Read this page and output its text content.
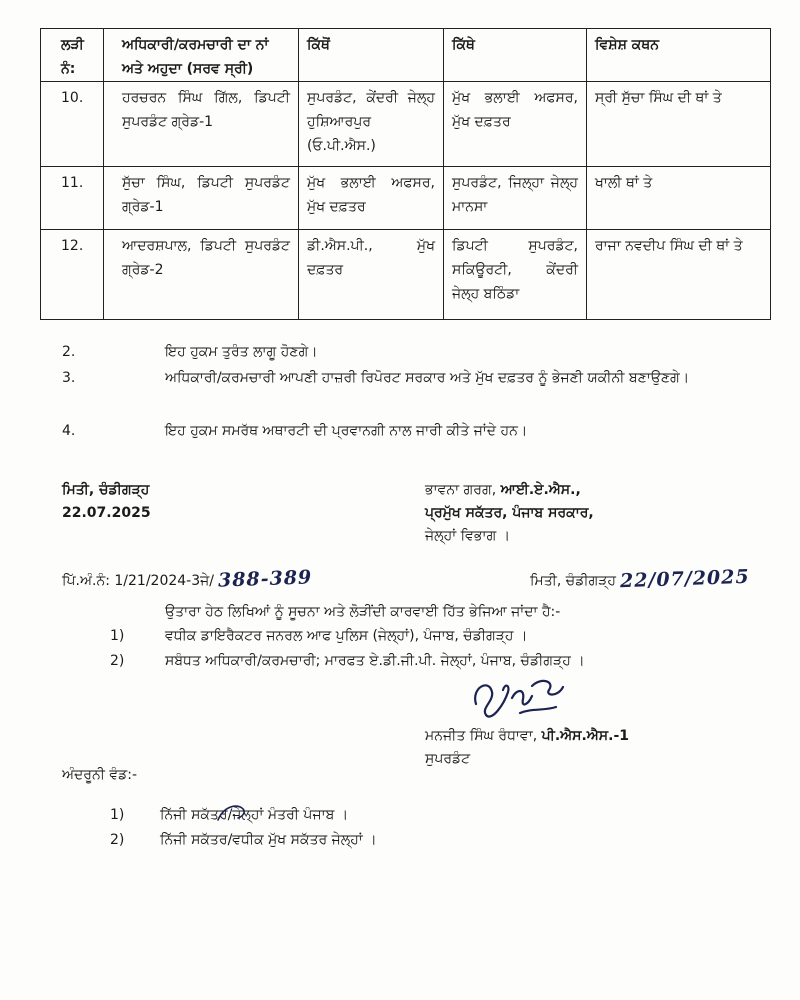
ਲੜੀ ਨੰ:	ਅਧਿਕਾਰੀ/ਕਰਮਚਾਰੀ ਦਾ ਨਾਂ ਅਤੇ ਅਹੁਦਾ (ਸਰਵ ਸ੍ਰੀ)	ਕਿੱਥੋਂ	ਕਿੱਥੇ	ਵਿਸ਼ੇਸ਼ ਕਥਨ
10.	ਹਰਚਰਨ ਸਿੰਘ ਗਿੱਲ, ਡਿਪਟੀ ਸੁਪਰਡੰਟ ਗ੍ਰੇਡ-1	ਸੁਪਰਡੰਟ, ਕੇਂਦਰੀ ਜੇਲ੍ਹ ਹੁਸ਼ਿਆਰਪੁਰ (ਓ.ਪੀ.ਐਸ.)	ਮੁੱਖ ਭਲਾਈ ਅਫਸਰ, ਮੁੱਖ ਦਫ਼ਤਰ	ਸ੍ਰੀ ਸੁੱਚਾ ਸਿੰਘ ਦੀ ਥਾਂ ਤੇ
11.	ਸੁੱਚਾ ਸਿੰਘ, ਡਿਪਟੀ ਸੁਪਰਡੰਟ ਗ੍ਰੇਡ-1	ਮੁੱਖ ਭਲਾਈ ਅਫਸਰ, ਮੁੱਖ ਦਫ਼ਤਰ	ਸੁਪਰਡੰਟ, ਜਿਲ੍ਹਾ ਜੇਲ੍ਹ ਮਾਨਸਾ	ਖਾਲੀ ਥਾਂ ਤੇ
12.	ਆਦਰਸ਼ਪਾਲ, ਡਿਪਟੀ ਸੁਪਰਡੰਟ ਗ੍ਰੇਡ-2	ਡੀ.ਐਸ.ਪੀ., ਮੁੱਖ ਦਫ਼ਤਰ	ਡਿਪਟੀ ਸੁਪਰਡੰਟ, ਸਕਿਊਰਟੀ, ਕੇਂਦਰੀ ਜੇਲ੍ਹ ਬਠਿੰਡਾ	ਰਾਜਾ ਨਵਦੀਪ ਸਿੰਘ ਦੀ ਥਾਂ ਤੇ
2.	ਇਹ ਹੁਕਮ ਤੁਰੰਤ ਲਾਗੂ ਹੋਣਗੇ।
3.	ਅਧਿਕਾਰੀ/ਕਰਮਚਾਰੀ ਆਪਣੀ ਹਾਜ਼ਰੀ ਰਿਪੋਰਟ ਸਰਕਾਰ ਅਤੇ ਮੁੱਖ ਦਫ਼ਤਰ ਨੂੰ ਭੇਜਣੀ ਯਕੀਨੀ ਬਣਾਉਣਗੇ।
4.	ਇਹ ਹੁਕਮ ਸਮਰੱਥ ਅਥਾਰਟੀ ਦੀ ਪ੍ਰਵਾਨਗੀ ਨਾਲ ਜਾਰੀ ਕੀਤੇ ਜਾਂਦੇ ਹਨ।
ਮਿਤੀ, ਚੰਡੀਗੜ੍ਹ
22.07.2025
ਭਾਵਨਾ ਗਰਗ, ਆਈ.ਏ.ਐਸ.,
ਪ੍ਰਮੁੱਖ ਸਕੱਤਰ, ਪੰਜਾਬ ਸਰਕਾਰ,
ਜੇਲ੍ਹਾਂ ਵਿਭਾਗ ।
ਪਿੱ.ਅੰ.ਨੰ: 1/21/2024-3ਜੇ/ 388-389	ਮਿਤੀ, ਚੰਡੀਗੜ੍ਹ 22/07/2025
ਉਤਾਰਾ ਹੇਠ ਲਿਖਿਆਂ ਨੂੰ ਸੂਚਨਾ ਅਤੇ ਲੋੜੀਂਦੀ ਕਾਰਵਾਈ ਹਿੱਤ ਭੇਜਿਆ ਜਾਂਦਾ ਹੈ:-
1)	ਵਧੀਕ ਡਾਇਰੈਕਟਰ ਜਨਰਲ ਆਫ ਪੁਲਿਸ (ਜੇਲ੍ਹਾਂ), ਪੰਜਾਬ, ਚੰਡੀਗੜ੍ਹ ।
2)	ਸਬੰਧਤ ਅਧਿਕਾਰੀ/ਕਰਮਚਾਰੀ; ਮਾਰਫਤ ਏ.ਡੀ.ਜੀ.ਪੀ. ਜੇਲ੍ਹਾਂ, ਪੰਜਾਬ, ਚੰਡੀਗੜ੍ਹ ।
ਮਨਜੀਤ ਸਿੰਘ ਰੰਧਾਵਾ, ਪੀ.ਐਸ.ਐਸ.-1
ਸੁਪਰਡੰਟ
ਅੰਦਰੂਨੀ ਵੰਡ:-
1)	ਨਿੱਜੀ ਸਕੱਤਰ/ਜੇਲ੍ਹਾਂ ਮੰਤਰੀ ਪੰਜਾਬ ।
2)	ਨਿੱਜੀ ਸਕੱਤਰ/ਵਧੀਕ ਮੁੱਖ ਸਕੱਤਰ ਜੇਲ੍ਹਾਂ ।
